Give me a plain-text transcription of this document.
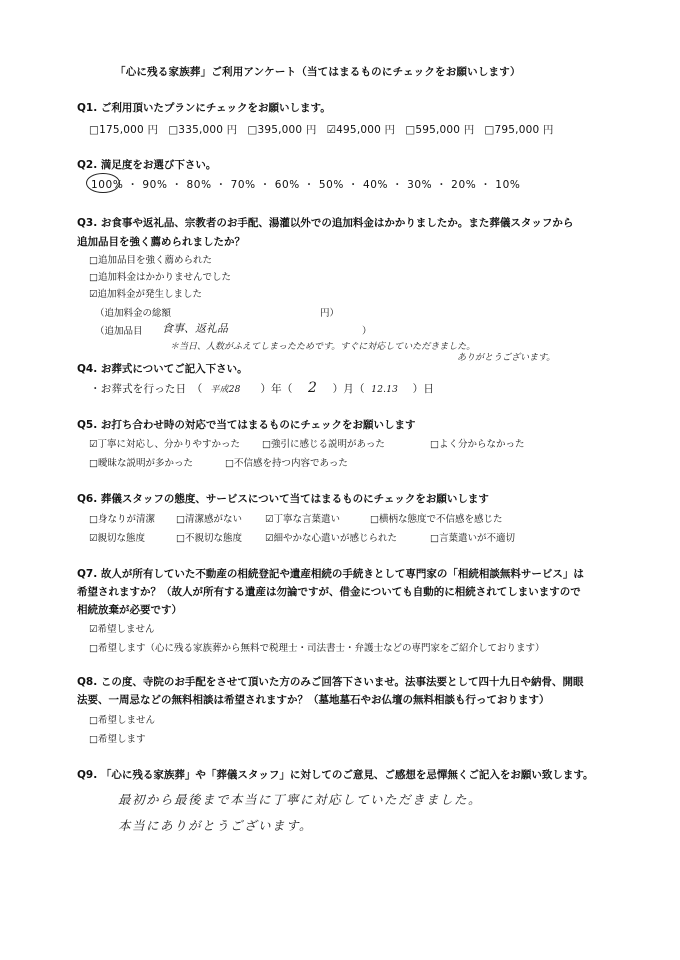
「心に残る家族葬」ご利用アンケート（当てはまるものにチェックをお願いします）
Q1. ご利用頂いたプランにチェックをお願いします。
□175,000 円 □335,000 円 □395,000 円 ☑495,000 円 □595,000 円 □795,000 円
Q2. 満足度をお選び下さい。
100% ・ 90% ・ 80% ・ 70% ・ 60% ・ 50% ・ 40% ・ 30% ・ 20% ・ 10%
Q3. お食事や返礼品、宗教者のお手配、湯灌以外での追加料金はかかりましたか。また葬儀スタッフから
追加品目を強く薦められましたか？
□追加品目を強く薦められた
□追加料金はかかりませんでした
☑追加料金が発生しました
（追加料金の総額	円）
（追加品目 食事、返礼品	）
＊当日、人数がふえてしまったためです。すぐに対応していただきました。
ありがとうございます。
Q4. お葬式についてご記入下さい。
・お葬式を行った日　（ 平成28	）年（	2	）月（ 12.13	）日
Q5. お打ち合わせ時の対応で当てはまるものにチェックをお願いします
☑丁寧に対応し、分かりやすかった □強引に感じる説明があった	□よく分からなかった
□曖昧な説明が多かった	□不信感を持つ内容であった
Q6. 葬儀スタッフの態度、サービスについて当てはまるものにチェックをお願いします
□身なりが清潔 □清潔感がない ☑丁寧な言葉遣い	□横柄な態度で不信感を感じた
☑親切な態度	□不親切な態度 ☑細やかな心遣いが感じられた	□言葉遣いが不適切
Q7. 故人が所有していた不動産の相続登記や遺産相続の手続きとして専門家の「相続相談無料サービス」は
希望されますか？（故人が所有する遺産は勿論ですが、借金についても自動的に相続されてしまいますので
相続放棄が必要です）
☑希望しません
□希望します（心に残る家族葬から無料で税理士・司法書士・弁護士などの専門家をご紹介しております）
Q8. この度、寺院のお手配をさせて頂いた方のみご回答下さいませ。法事法要として四十九日や納骨、開眼
法要、一周忌などの無料相談は希望されますか？（墓地墓石やお仏壇の無料相談も行っております）
□希望しません
□希望します
Q9. 「心に残る家族葬」や「葬儀スタッフ」に対してのご意見、ご感想を忌憚無くご記入をお願い致します。
最初から最後まで本当に丁寧に対応していただきました。
本当にありがとうございます。
